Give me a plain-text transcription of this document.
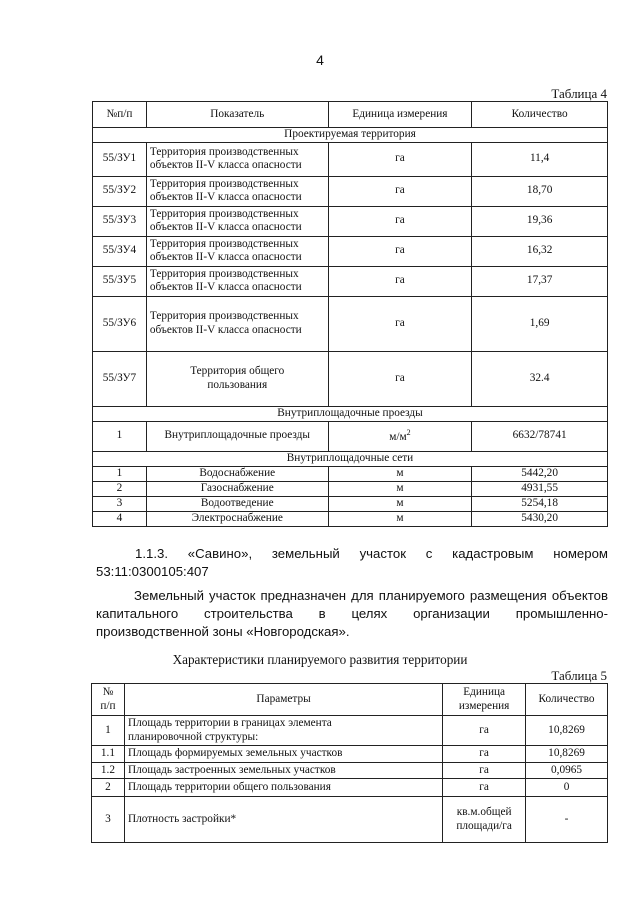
4
Таблица 4
№п/п	Показатель	Единица измерения	Количество
Проектируемая территория			
55/ЗУ1	Территория производственных объектов II-V класса опасности	га	11,4
55/ЗУ2	Территория производственных объектов II-V класса опасности	га	18,70
55/ЗУ3	Территория производственных объектов II-V класса опасности	га	19,36
55/ЗУ4	Территория производственных объектов II-V класса опасности	га	16,32
55/ЗУ5	Территория производственных объектов II-V класса опасности	га	17,37
55/ЗУ6	Территория производственных объектов II-V класса опасности	га	1,69
55/ЗУ7	Территория общего пользования	га	32.4
Внутриплощадочные проезды			
1	Внутриплощадочные проезды	$м/м^2$	6632/78741
Внутриплощадочные сети			
1	Водоснабжение	м	5442,20
2	Газоснабжение	м	4931,55
3	Водоотведение	м	5254,18
4	Электроснабжение	м	5430,20
1.1.3. «Савино», земельный участок с кадастровым номером
53:11:0300105:407
Земельный участок предназначен для планируемого размещения объектов капитального строительства в целях организации промышленно-производственной зоны «Новгородская».
Характеристики планируемого развития территории
Таблица 5
№ п/п	Параметры	Единица измерения	Количество
1	Площадь территории в границах элемента планировочной структуры:	га	10,8269
1.1	Площадь формируемых земельных участков	га	10,8269
1.2	Площадь застроенных земельных участков	га	0,0965
2	Площадь территории общего пользования	га	0
3	Плотность застройки*	кв.м.общей площади/га	-
